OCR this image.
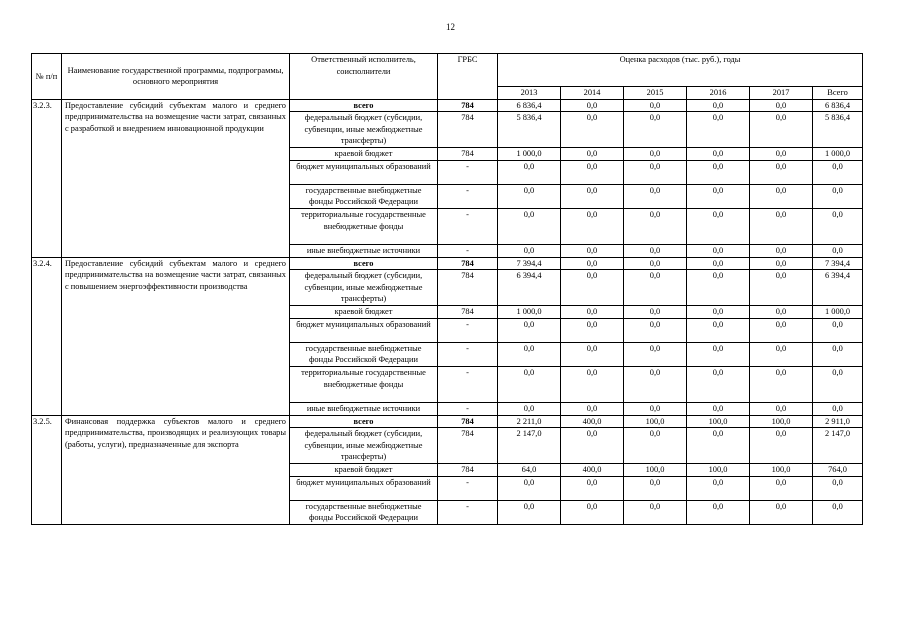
12
№ п/п	Наименование государственной программы, подпрограммы, основного мероприятия	Ответственный исполнитель, соисполнители	ГРБС	Оценка расходов (тыс. руб.), годы					
				2013	2014	2015	2016	2017	Всего
3.2.3.	Предоставление субсидий субъектам малого и среднего предпринимательства на возмещение части затрат, связанных с разработкой и внедрением инновационной продукции	всего	784	6 836,4	0,0	0,0	0,0	0,0	6 836,4
		федеральный бюджет (субсидии, субвенции, иные межбюджетные трансферты)	784	5 836,4	0,0	0,0	0,0	0,0	5 836,4
		краевой бюджет	784	1 000,0	0,0	0,0	0,0	0,0	1 000,0
		бюджет муниципальных образований	-	0,0	0,0	0,0	0,0	0,0	0,0
		государственные внебюджетные фонды Российской Федерации	-	0,0	0,0	0,0	0,0	0,0	0,0
		территориальные государственные внебюджетные фонды	-	0,0	0,0	0,0	0,0	0,0	0,0
		иные внебюджетные источники	-	0,0	0,0	0,0	0,0	0,0	0,0
3.2.4.	Предоставление субсидий субъектам малого и среднего предпринимательства на возмещение части затрат, связанных с повышением энергоэффективности производства	всего	784	7 394,4	0,0	0,0	0,0	0,0	7 394,4
		федеральный бюджет (субсидии, субвенции, иные межбюджетные трансферты)	784	6 394,4	0,0	0,0	0,0	0,0	6 394,4
		краевой бюджет	784	1 000,0	0,0	0,0	0,0	0,0	1 000,0
		бюджет муниципальных образований	-	0,0	0,0	0,0	0,0	0,0	0,0
		государственные внебюджетные фонды Российской Федерации	-	0,0	0,0	0,0	0,0	0,0	0,0
		территориальные государственные внебюджетные фонды	-	0,0	0,0	0,0	0,0	0,0	0,0
		иные внебюджетные источники	-	0,0	0,0	0,0	0,0	0,0	0,0
3.2.5.	Финансовая поддержка субъектов малого и среднего предпринимательства, производящих и реализующих товары (работы, услуги), предназначенные для экспорта	всего	784	2 211,0	400,0	100,0	100,0	100,0	2 911,0
		федеральный бюджет (субсидии, субвенции, иные межбюджетные трансферты)	784	2 147,0	0,0	0,0	0,0	0,0	2 147,0
		краевой бюджет	784	64,0	400,0	100,0	100,0	100,0	764,0
		бюджет муниципальных образований	-	0,0	0,0	0,0	0,0	0,0	0,0
		государственные внебюджетные фонды Российской Федерации	-	0,0	0,0	0,0	0,0	0,0	0,0
